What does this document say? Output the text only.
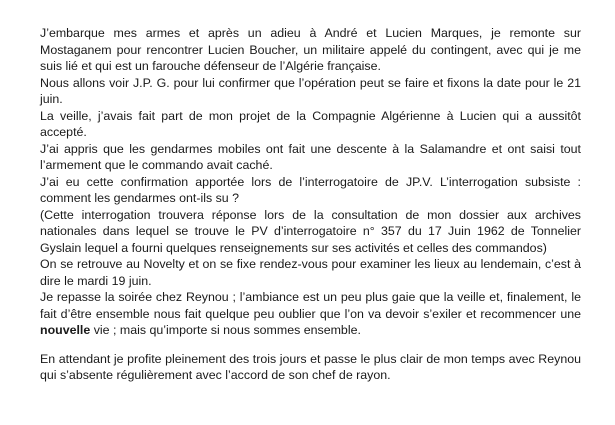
J’embarque mes armes et après un adieu à André et Lucien Marques, je remonte sur Mostaganem pour rencontrer Lucien Boucher, un militaire appelé du contingent, avec qui je me suis lié et qui est un farouche défenseur de l’Algérie française.

Nous allons voir J.P. G. pour lui confirmer que l’opération peut se faire et fixons la date pour le 21 juin.

La veille, j’avais fait part de mon projet de la Compagnie Algérienne à Lucien qui a aussitôt accepté.

J’ai appris que les gendarmes mobiles ont fait une descente à la Salamandre et ont saisi tout l’armement que le commando avait caché.

J’ai eu cette confirmation apportée lors de l’interrogatoire de JP.V. L’interrogation subsiste : comment les gendarmes ont-ils su ?

(Cette interrogation trouvera réponse lors de la consultation de mon dossier aux archives nationales dans lequel se trouve le PV d’interrogatoire n° 357 du 17 Juin 1962 de Tonnelier Gyslain lequel a fourni quelques renseignements sur ses activités et celles des commandos)

On se retrouve au Novelty et on se fixe rendez-vous pour examiner les lieux au lendemain, c’est à dire le mardi 19 juin.

Je repasse la soirée chez Reynou ; l’ambiance est un peu plus gaie que la veille et, finalement, le fait d’être ensemble nous fait quelque peu oublier que l’on va devoir s’exiler et recommencer une nouvelle vie ; mais qu’importe si nous sommes ensemble.

En attendant je profite pleinement des trois jours et passe le plus clair de mon temps avec Reynou qui s’absente régulièrement avec l’accord de son chef de rayon.
